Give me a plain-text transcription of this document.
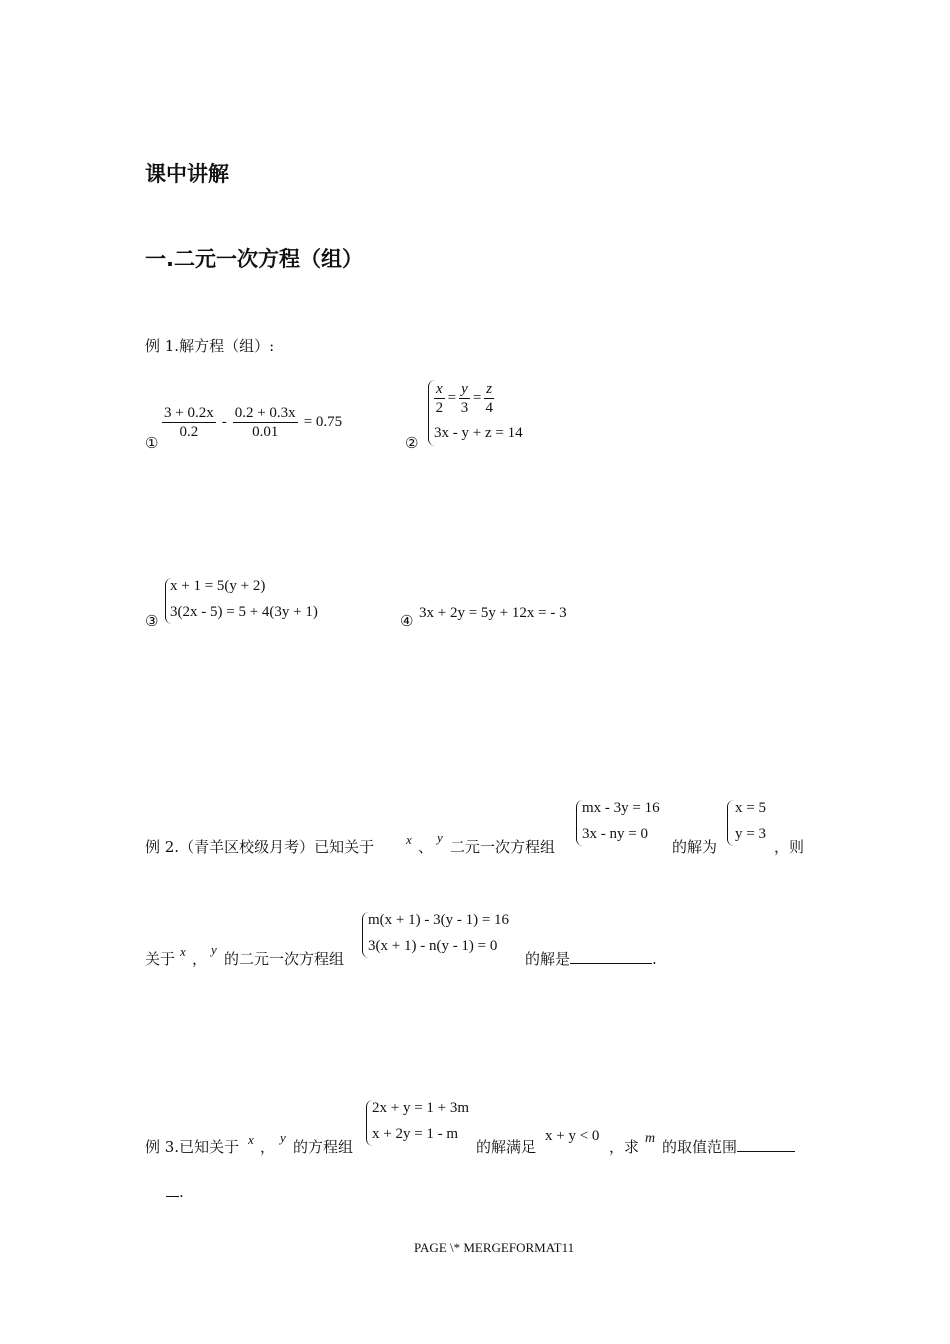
课中讲解
一.二元一次方程（组）
例 1.解方程（组）:
①
$\frac{3 + 0.2x}{0.2} - \frac{0.2 + 0.3x}{0.01} = 0.75$
②
$\frac{x}{2} = \frac{y}{3} = \frac{z}{4}$
3x - y + z = 14
③
x + 1 = 5(y + 2)
3(2x - 5) = 5 + 4(3y + 1)	④ 3x + 2y = 5y + 12x = - 3
例 2.（青羊区校级月考）已知关于 x 、
y
二元一次方程组
mx - 3y = 16
3x - ny = 0
的解为
x = 5
y = 3
，则
关于 x ，
y
的二元一次方程组
m(x + 1) - 3(y - 1) = 16
3(x + 1) - n(y - 1) = 0
的解是	.
例 3.已知关于 x ，
y
的方程组
2x + y = 1 + 3m
x + 2y = 1 - m
的解满足
x + y < 0
，求 m 的取值范围
.
PAGE \* MERGEFORMAT11
